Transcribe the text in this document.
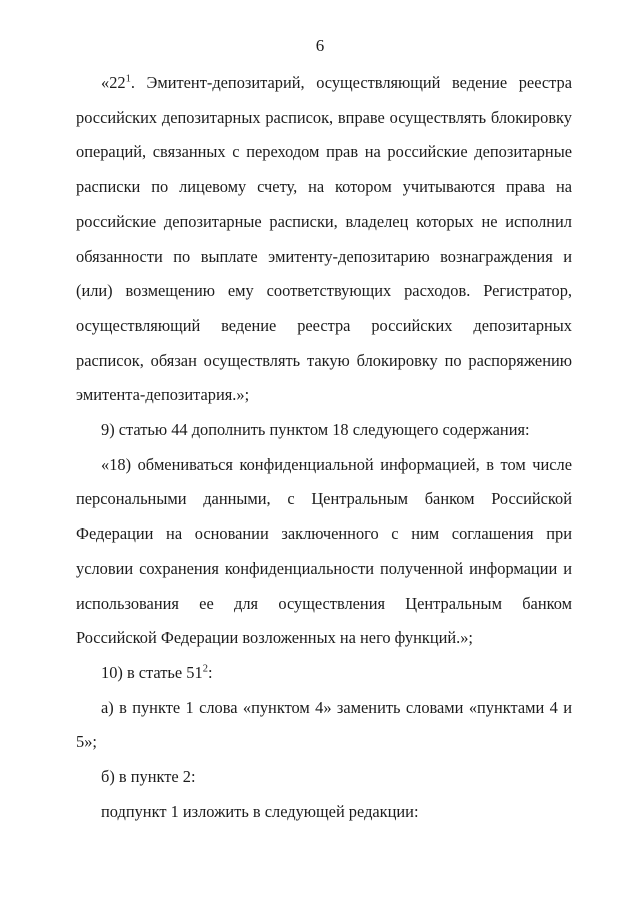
6

«$22^1$. Эмитент-депозитарий, осуществляющий ведение реестра российских депозитарных расписок, вправе осуществлять блокировку операций, связанных с переходом прав на российские депозитарные расписки по лицевому счету, на котором учитываются права на российские депозитарные расписки, владелец которых не исполнил обязанности по выплате эмитенту-депозитарию вознаграждения и (или) возмещению ему соответствующих расходов. Регистратор, осуществляющий ведение реестра российских депозитарных расписок, обязан осуществлять такую блокировку по распоряжению эмитента-депозитария.»;

9) статью 44 дополнить пунктом 18 следующего содержания:

«18) обмениваться конфиденциальной информацией, в том числе персональными данными, с Центральным банком Российской Федерации на основании заключенного с ним соглашения при условии сохранения конфиденциальности полученной информации и использования ее для осуществления Центральным банком Российской Федерации возложенных на него функций.»;

10) в статье $51^2$:

а) в пункте 1 слова «пунктом 4» заменить словами «пунктами 4 и 5»;

б) в пункте 2:

подпункт 1 изложить в следующей редакции:
